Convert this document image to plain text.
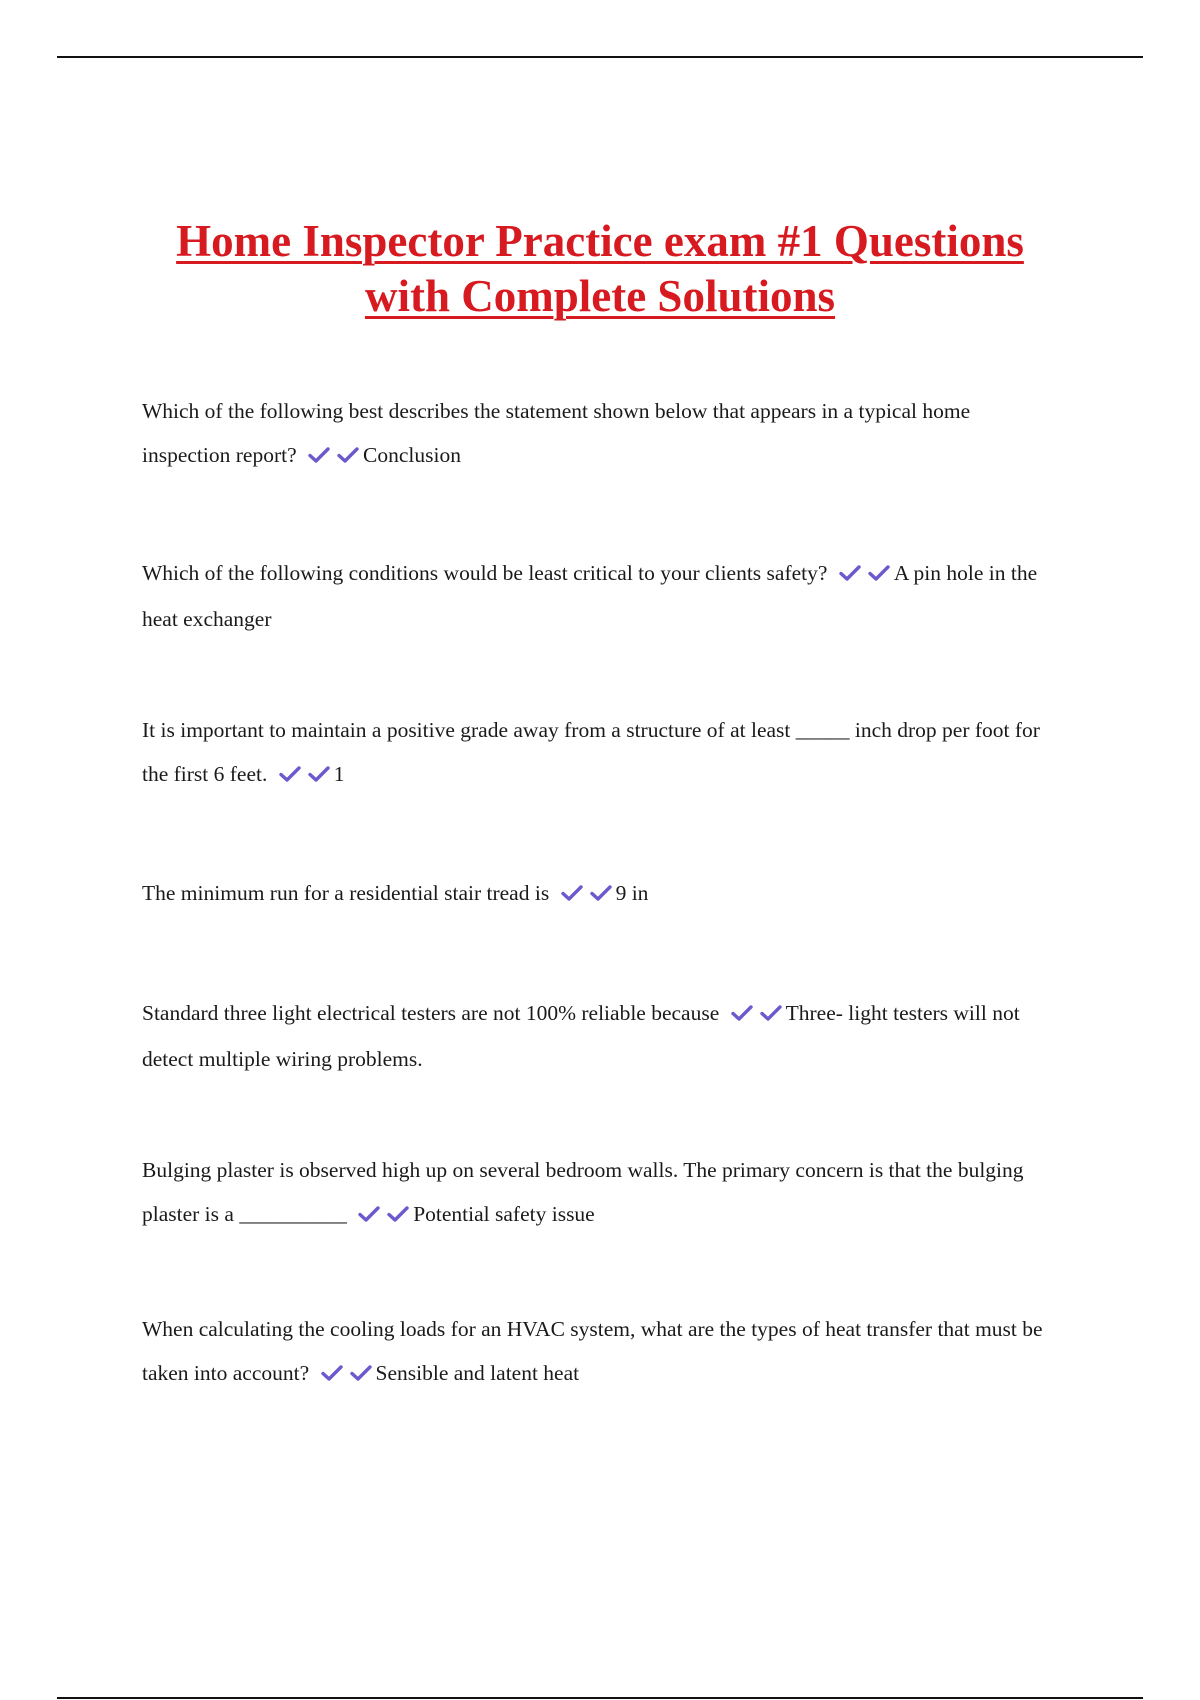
Home Inspector Practice exam #1 Questions with Complete Solutions

Which of the following best describes the statement shown below that appears in a typical home inspection report?	Conclusion

Which of the following conditions would be least critical to your clients safety?	A pin hole in the heat exchanger

It is important to maintain a positive grade away from a structure of at least _____ inch drop per foot for the first 6 feet.	1

The minimum run for a residential stair tread is	9 in

Standard three light electrical testers are not 100% reliable because	Three- light testers will not detect multiple wiring problems.

Bulging plaster is observed high up on several bedroom walls. The primary concern is that the bulging plaster is a __________	Potential safety issue

When calculating the cooling loads for an HVAC system, what are the types of heat transfer that must be taken into account?	Sensible and latent heat
